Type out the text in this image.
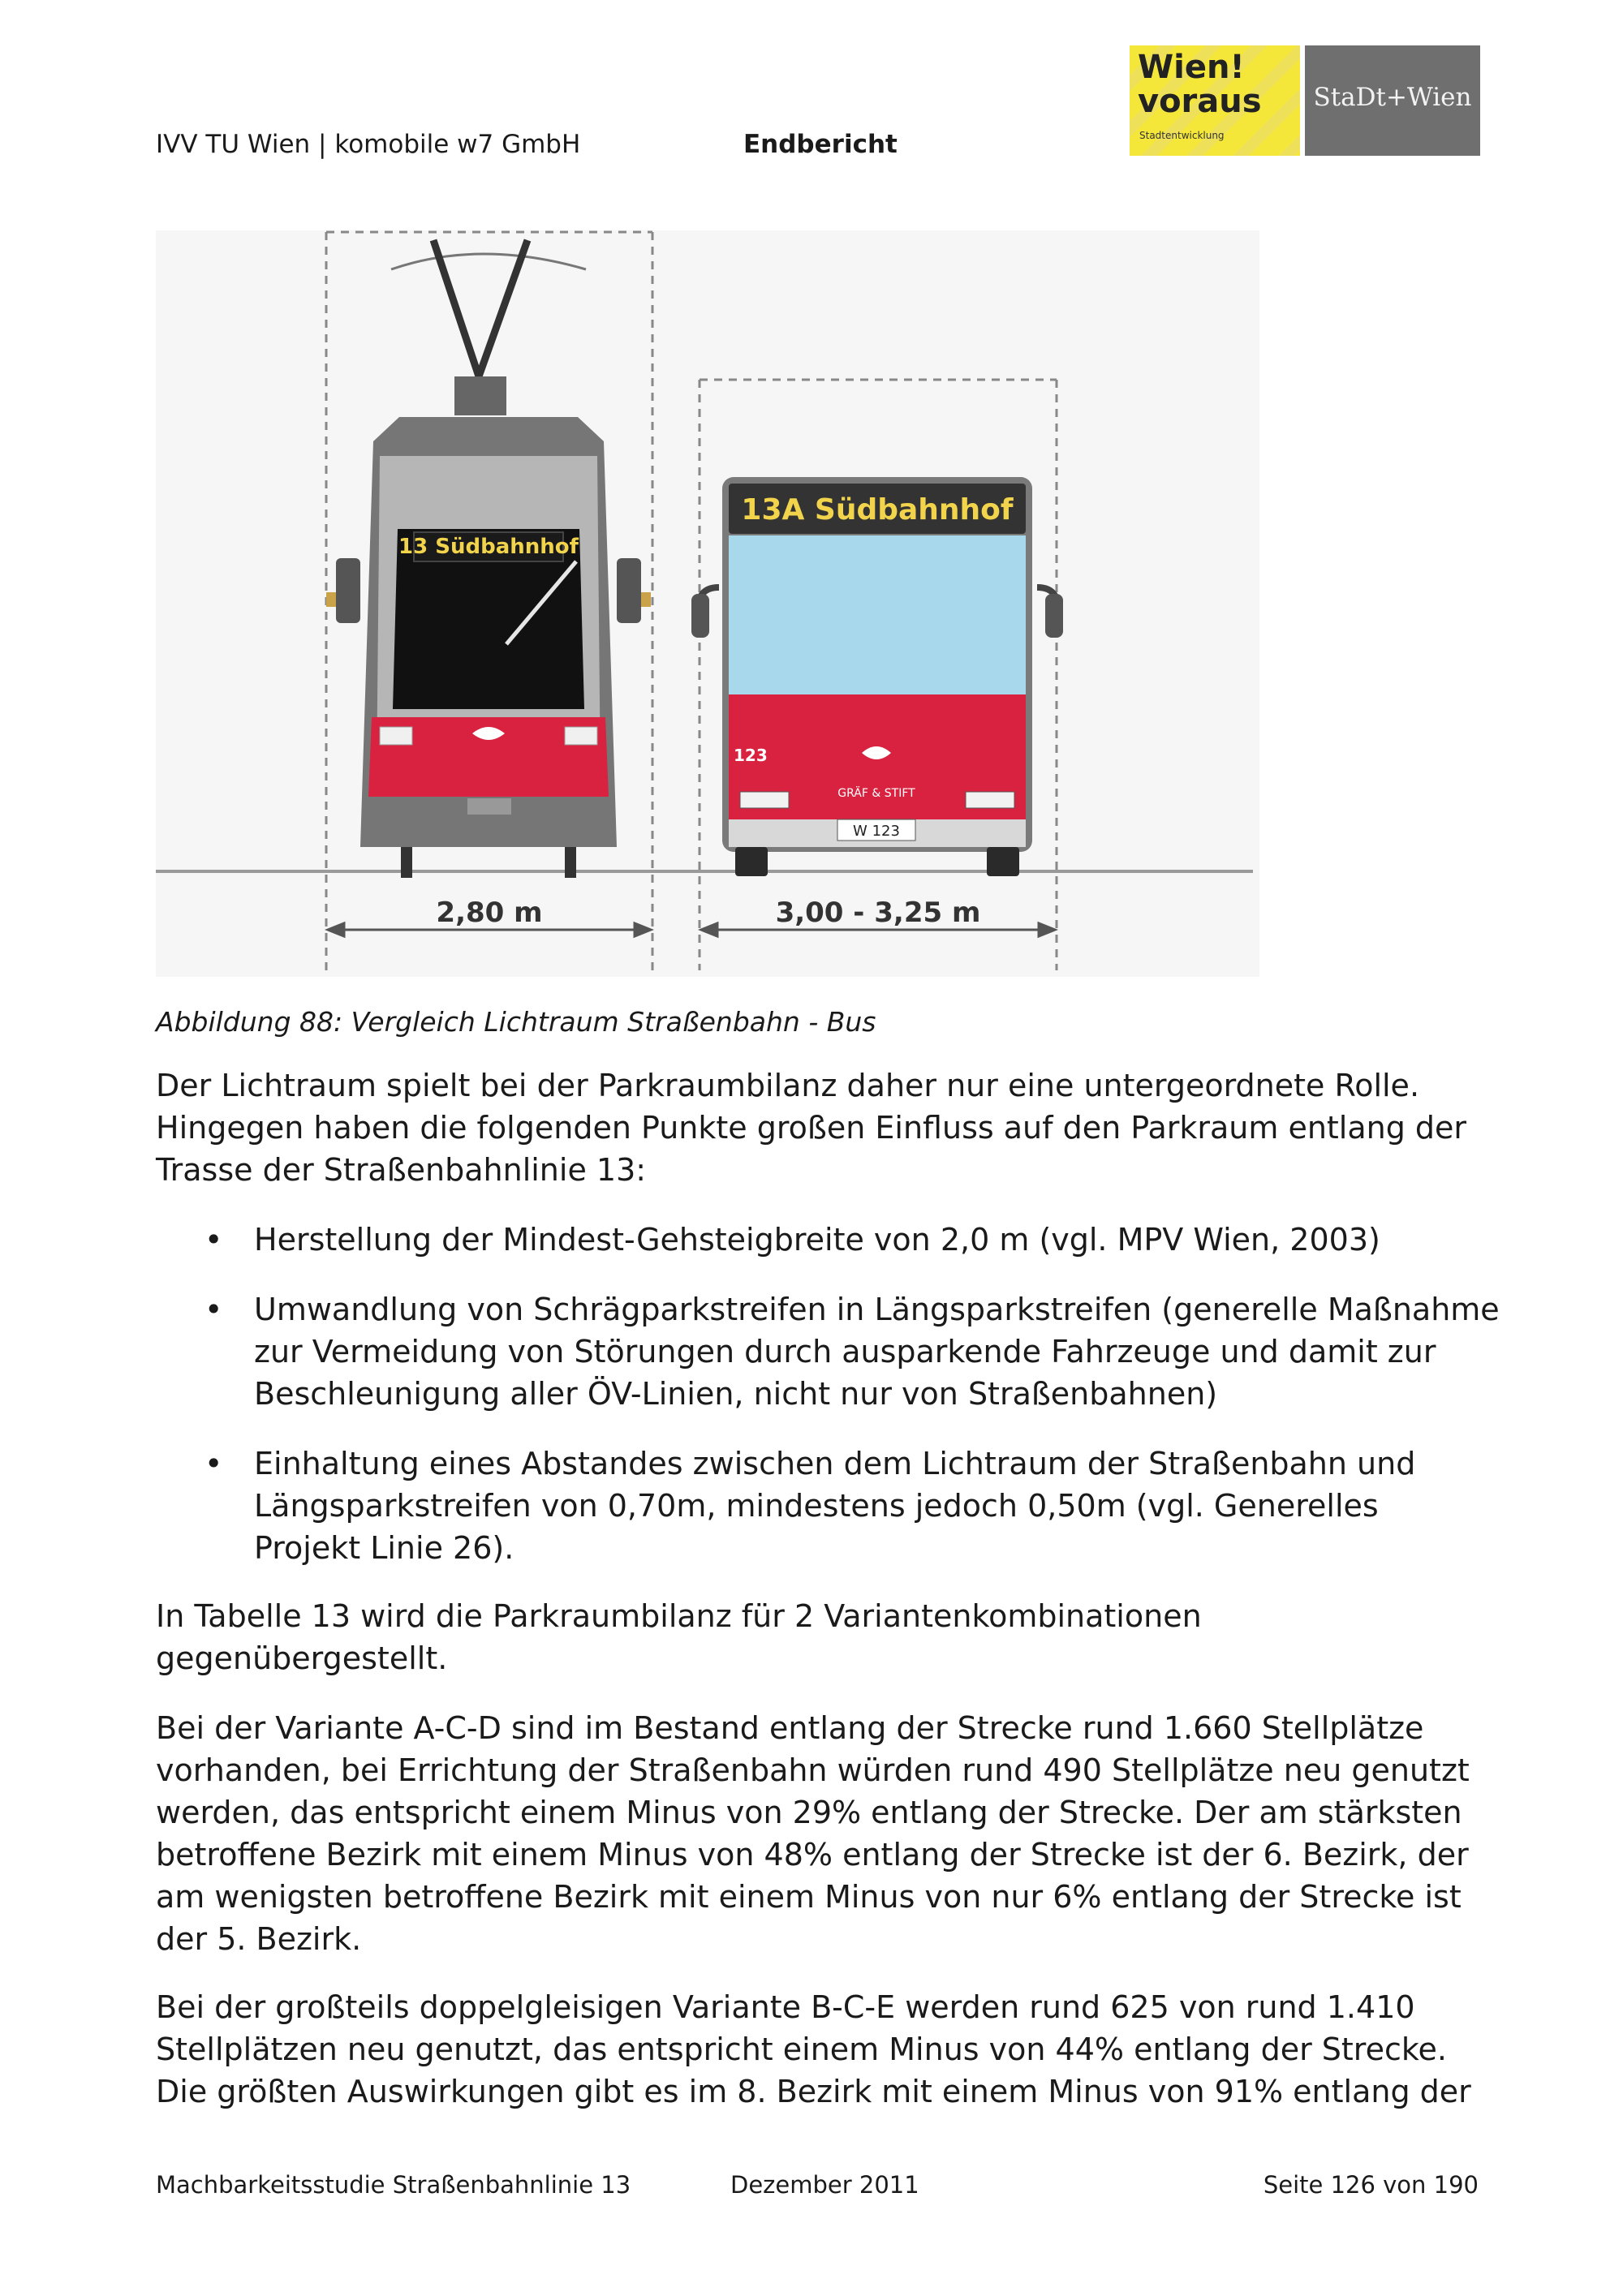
IVV TU Wien | komobile w7 GmbH	Endbericht
Wien!
voraus
Stadtentwicklung
StaDt+Wien
13 Südbahnhof
13A Südbahnhof
123
GRÄF & STIFT
W 123
2,80 m	3,00 - 3,25 m
Abbildung 88: Vergleich Lichtraum Straßenbahn - Bus
Der Lichtraum spielt bei der Parkraumbilanz daher nur eine untergeordnete Rolle.
Hingegen haben die folgenden Punkte großen Einfluss auf den Parkraum entlang der
Trasse der Straßenbahnlinie 13:
• Herstellung der Mindest-Gehsteigbreite von 2,0 m (vgl. MPV Wien, 2003)
• Umwandlung von Schrägparkstreifen in Längsparkstreifen (generelle Maßnahme
zur Vermeidung von Störungen durch ausparkende Fahrzeuge und damit zur
Beschleunigung aller ÖV-Linien, nicht nur von Straßenbahnen)
• Einhaltung eines Abstandes zwischen dem Lichtraum der Straßenbahn und
Längsparkstreifen von 0,70m, mindestens jedoch 0,50m (vgl. Generelles
Projekt Linie 26).
In Tabelle 13 wird die Parkraumbilanz für 2 Variantenkombinationen
gegenübergestellt.
Bei der Variante A-C-D sind im Bestand entlang der Strecke rund 1.660 Stellplätze
vorhanden, bei Errichtung der Straßenbahn würden rund 490 Stellplätze neu genutzt
werden, das entspricht einem Minus von 29% entlang der Strecke. Der am stärksten
betroffene Bezirk mit einem Minus von 48% entlang der Strecke ist der 6. Bezirk, der
am wenigsten betroffene Bezirk mit einem Minus von nur 6% entlang der Strecke ist
der 5. Bezirk.
Bei der großteils doppelgleisigen Variante B-C-E werden rund 625 von rund 1.410
Stellplätzen neu genutzt, das entspricht einem Minus von 44% entlang der Strecke.
Die größten Auswirkungen gibt es im 8. Bezirk mit einem Minus von 91% entlang der
Machbarkeitsstudie Straßenbahnlinie 13	Dezember 2011	Seite 126 von 190
